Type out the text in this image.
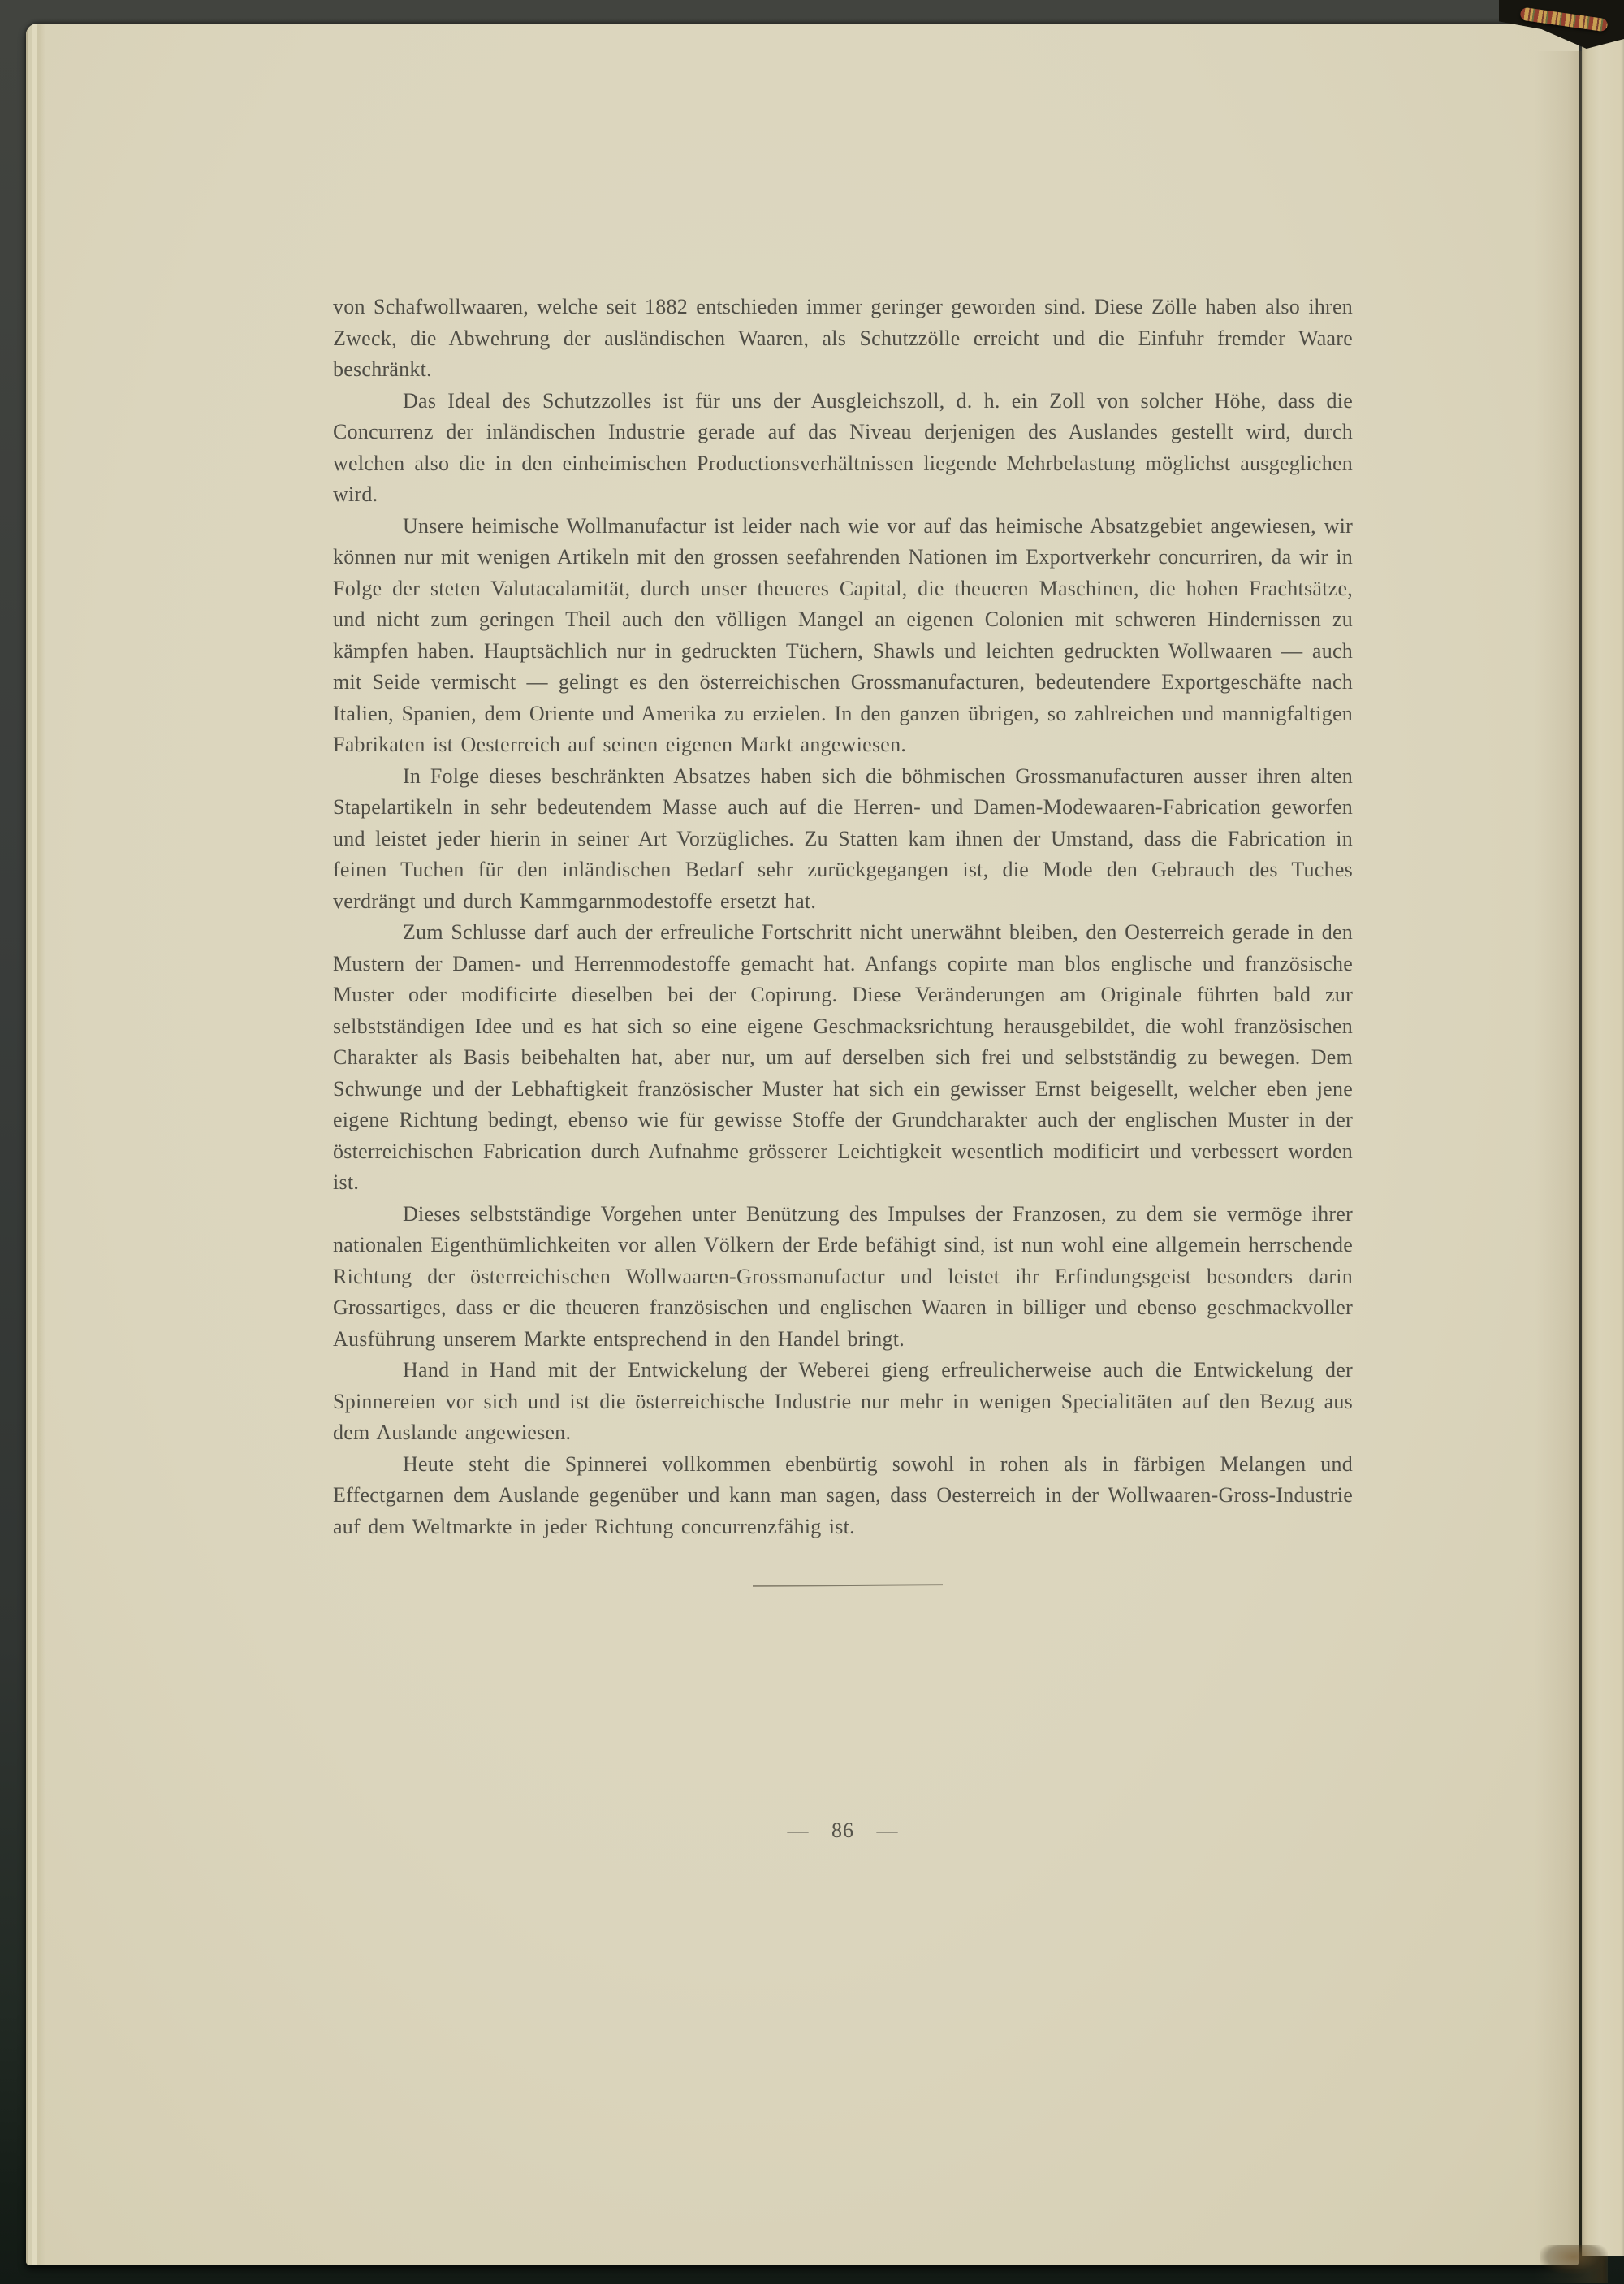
von Schafwollwaaren, welche seit 1882 entschieden immer geringer geworden sind. Diese Zölle haben also ihren Zweck, die Abwehrung der ausländischen Waaren, als Schutzzölle erreicht und die Einfuhr fremder Waare beschränkt.

Das Ideal des Schutzzolles ist für uns der Ausgleichszoll, d. h. ein Zoll von solcher Höhe, dass die Concurrenz der inländischen Industrie gerade auf das Niveau derjenigen des Auslandes gestellt wird, durch welchen also die in den einheimischen Productionsverhältnissen liegende Mehrbelastung möglichst ausgeglichen wird.

Unsere heimische Wollmanufactur ist leider nach wie vor auf das heimische Absatzgebiet angewiesen, wir können nur mit wenigen Artikeln mit den grossen seefahrenden Nationen im Exportverkehr concurriren, da wir in Folge der steten Valutacalamität, durch unser theueres Capital, die theueren Maschinen, die hohen Frachtsätze, und nicht zum geringen Theil auch den völligen Mangel an eigenen Colonien mit schweren Hindernissen zu kämpfen haben. Hauptsächlich nur in gedruckten Tüchern, Shawls und leichten gedruckten Wollwaaren — auch mit Seide vermischt — gelingt es den österreichischen Grossmanufacturen, bedeutendere Exportgeschäfte nach Italien, Spanien, dem Oriente und Amerika zu erzielen. In den ganzen übrigen, so zahlreichen und mannigfaltigen Fabrikaten ist Oesterreich auf seinen eigenen Markt angewiesen.

In Folge dieses beschränkten Absatzes haben sich die böhmischen Grossmanufacturen ausser ihren alten Stapelartikeln in sehr bedeutendem Masse auch auf die Herren- und Damen-Modewaaren-Fabrication geworfen und leistet jeder hierin in seiner Art Vorzügliches. Zu Statten kam ihnen der Umstand, dass die Fabrication in feinen Tuchen für den inländischen Bedarf sehr zurückgegangen ist, die Mode den Gebrauch des Tuches verdrängt und durch Kammgarnmodestoffe ersetzt hat.

Zum Schlusse darf auch der erfreuliche Fortschritt nicht unerwähnt bleiben, den Oesterreich gerade in den Mustern der Damen- und Herrenmodestoffe gemacht hat. Anfangs copirte man blos englische und französische Muster oder modificirte dieselben bei der Copirung. Diese Veränderungen am Originale führten bald zur selbstständigen Idee und es hat sich so eine eigene Geschmacksrichtung herausgebildet, die wohl französischen Charakter als Basis beibehalten hat, aber nur, um auf derselben sich frei und selbstständig zu bewegen. Dem Schwunge und der Lebhaftigkeit französischer Muster hat sich ein gewisser Ernst beigesellt, welcher eben jene eigene Richtung bedingt, ebenso wie für gewisse Stoffe der Grundcharakter auch der englischen Muster in der österreichischen Fabrication durch Aufnahme grösserer Leichtigkeit wesentlich modificirt und verbessert worden ist.

Dieses selbstständige Vorgehen unter Benützung des Impulses der Franzosen, zu dem sie vermöge ihrer nationalen Eigenthümlichkeiten vor allen Völkern der Erde befähigt sind, ist nun wohl eine allgemein herrschende Richtung der österreichischen Wollwaaren-Grossmanufactur und leistet ihr Erfindungsgeist besonders darin Grossartiges, dass er die theueren französischen und englischen Waaren in billiger und ebenso geschmackvoller Ausführung unserem Markte entsprechend in den Handel bringt.

Hand in Hand mit der Entwickelung der Weberei gieng erfreulicherweise auch die Entwickelung der Spinnereien vor sich und ist die österreichische Industrie nur mehr in wenigen Specialitäten auf den Bezug aus dem Auslande angewiesen.

Heute steht die Spinnerei vollkommen ebenbürtig sowohl in rohen als in färbigen Melangen und Effectgarnen dem Auslande gegenüber und kann man sagen, dass Oesterreich in der Wollwaaren-Gross-Industrie auf dem Weltmarkte in jeder Richtung concurrenzfähig ist.

— 86 —
